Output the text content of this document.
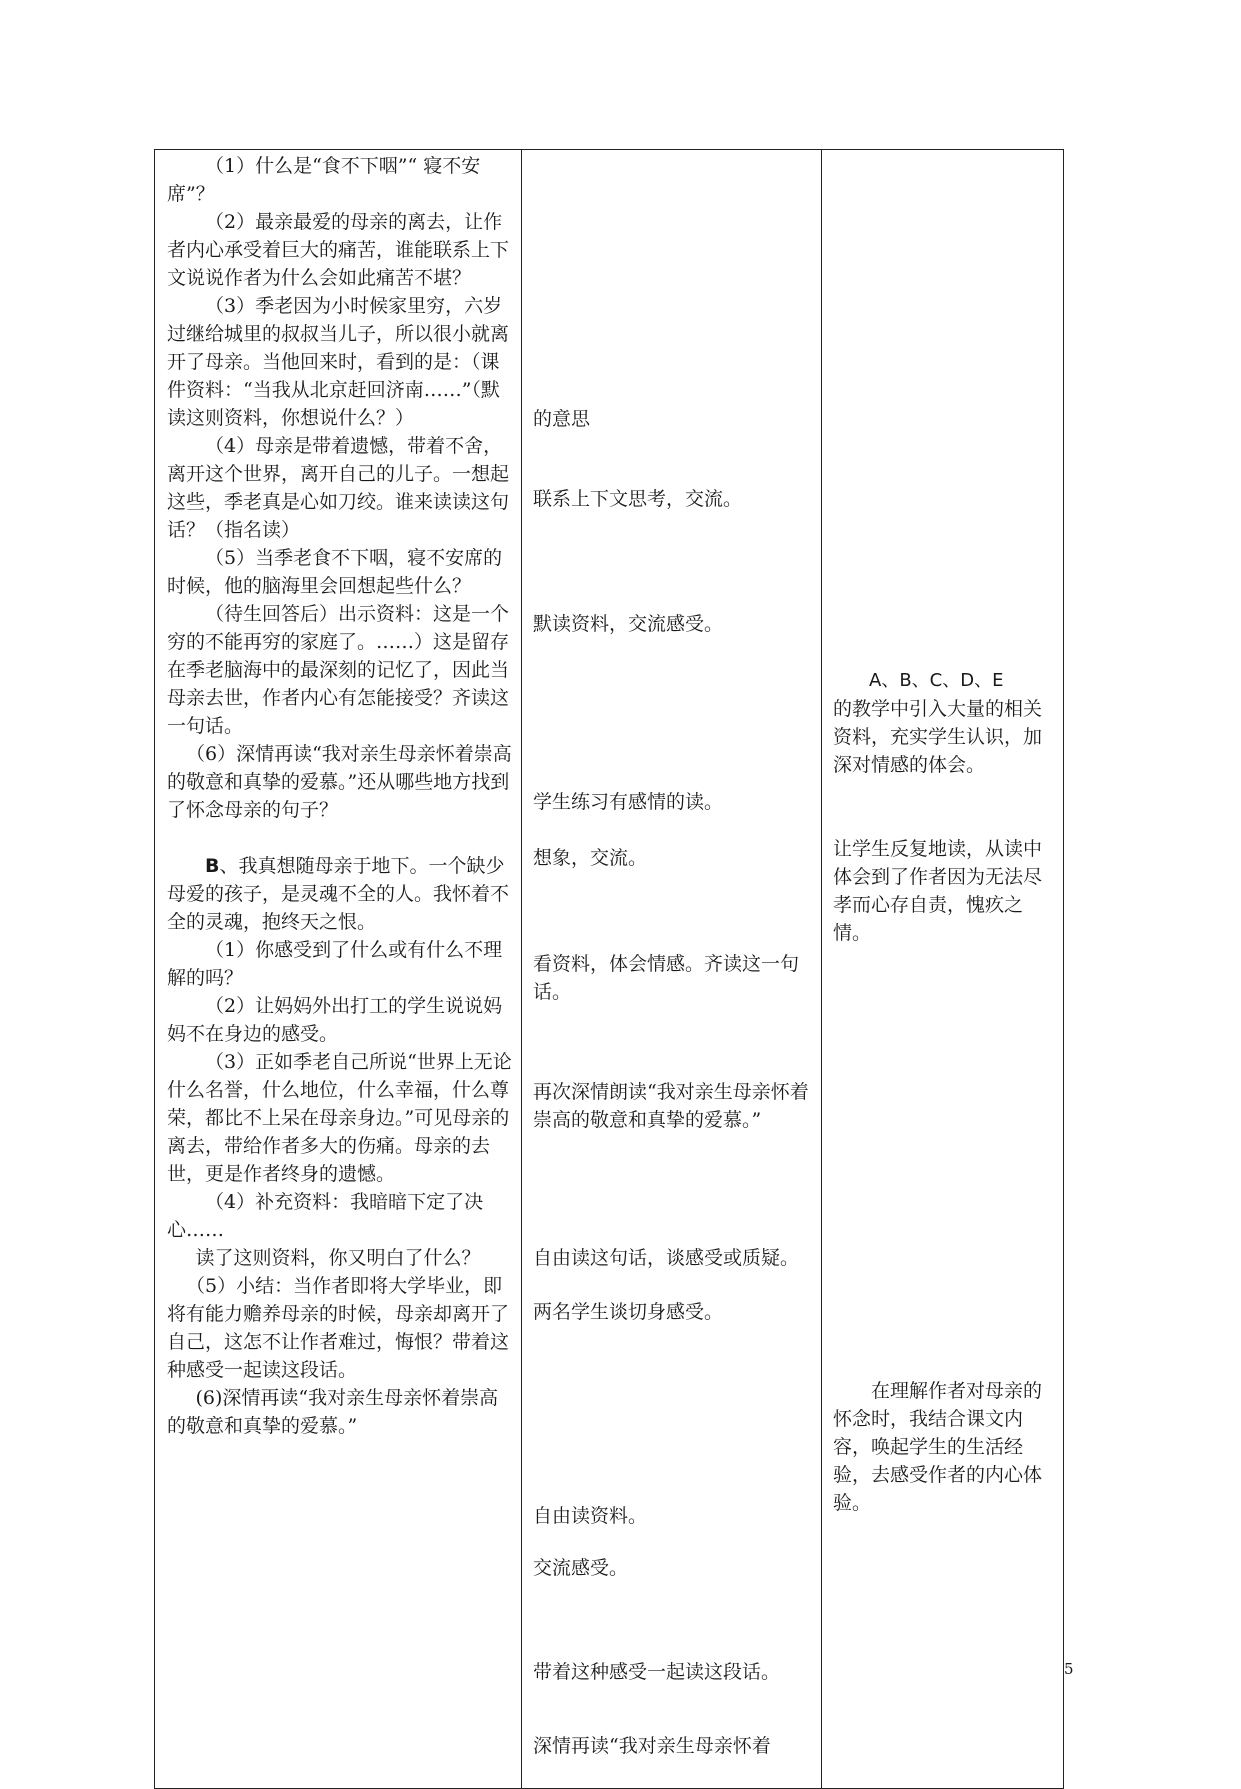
（1）什么是“食不下咽”“ 寝不安席”？
（2）最亲最爱的母亲的离去，让作者内心承受着巨大的痛苦，谁能联系上下文说说作者为什么会如此痛苦不堪？
（3）季老因为小时候家里穷，六岁过继给城里的叔叔当儿子，所以很小就离开了母亲。当他回来时，看到的是：（课件资料：“当我从北京赶回济南……”（默读这则资料，你想说什么？）
（4）母亲是带着遗憾，带着不舍，离开这个世界，离开自己的儿子。一想起这些，季老真是心如刀绞。谁来读读这句话？（指名读）
（5）当季老食不下咽，寝不安席的时候，他的脑海里会回想起些什么？
（待生回答后）出示资料：这是一个穷的不能再穷的家庭了。……）这是留存在季老脑海中的最深刻的记忆了，因此当母亲去世，作者内心有怎能接受？齐读这一句话。
（6）深情再读“我对亲生母亲怀着崇高的敬意和真挚的爱慕。”还从哪些地方找到了怀念母亲的句子？
B、我真想随母亲于地下。一个缺少母爱的孩子，是灵魂不全的人。我怀着不全的灵魂，抱终天之恨。
（1）你感受到了什么或有什么不理解的吗？
（2）让妈妈外出打工的学生说说妈妈不在身边的感受。
（3）正如季老自己所说“世界上无论什么名誉，什么地位，什么幸福，什么尊荣，都比不上呆在母亲身边。”可见母亲的离去，带给作者多大的伤痛。母亲的去世，更是作者终身的遗憾。
（4）补充资料：我暗暗下定了决心……
读了这则资料，你又明白了什么？
（5）小结：当作者即将大学毕业，即将有能力赡养母亲的时候，母亲却离开了自己，这怎不让作者难过，悔恨？带着这种感受一起读这段话。
(6)深情再读“我对亲生母亲怀着崇高的敬意和真挚的爱慕。”
的意思
联系上下文思考，交流。
默读资料，交流感受。
学生练习有感情的读。
想象，交流。
看资料，体会情感。齐读这一句话。
再次深情朗读“我对亲生母亲怀着崇高的敬意和真挚的爱慕。”
自由读这句话，谈感受或质疑。
两名学生谈切身感受。
自由读资料。
交流感受。
带着这种感受一起读这段话。
深情再读“我对亲生母亲怀着
A、B、C、D、E
的教学中引入大量的相关资料，充实学生认识，加深对情感的体会。
让学生反复地读，从读中体会到了作者因为无法尽孝而心存自责，愧疚之情。
在理解作者对母亲的怀念时，我结合课文内容，唤起学生的生活经验，去感受作者的内心体验。
5
